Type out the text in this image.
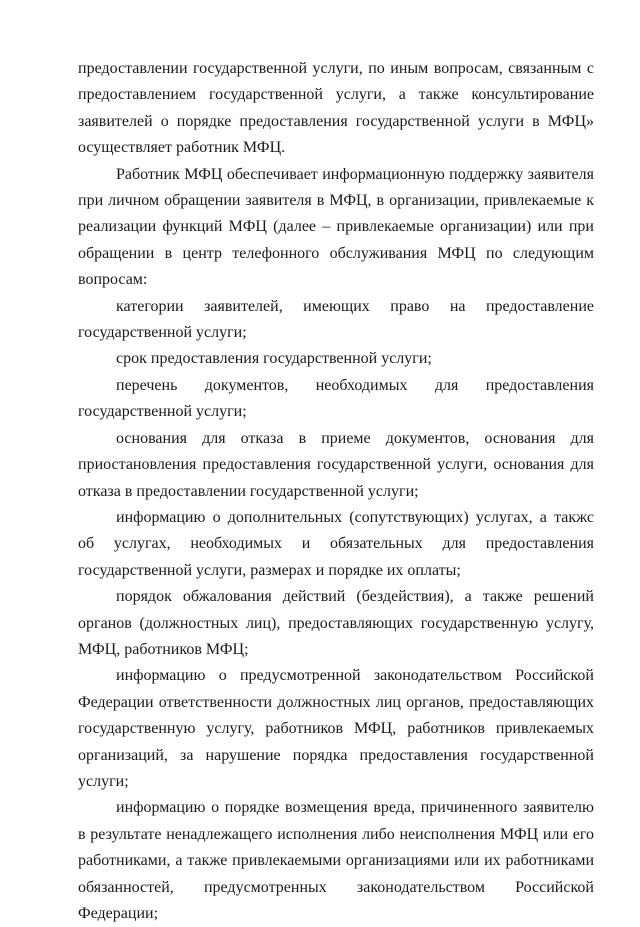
предоставлении государственной услуги, по иным вопросам, связанным с предоставлением государственной услуги, а также консультирование заявителей о порядке предоставления государственной услуги в МФЦ» осуществляет работник МФЦ.

Работник МФЦ обеспечивает информационную поддержку заявителя при личном обращении заявителя в МФЦ, в организации, привлекаемые к реализации функций МФЦ (далее – привлекаемые организации) или при обращении в центр телефонного обслуживания МФЦ по следующим вопросам:

категории заявителей, имеющих право на предоставление государственной услуги;

срок предоставления государственной услуги;

перечень документов, необходимых для предоставления государственной услуги;

основания для отказа в приеме документов, основания для приостановления предоставления государственной услуги, основания для отказа в предоставлении государственной услуги;

информацию о дополнительных (сопутствующих) услугах, а такжс об услугах, необходимых и обязательных для предоставления государственной услуги, размерах и порядке их оплаты;

порядок обжалования действий (бездействия), а также решений органов (должностных лиц), предоставляющих государственную услугу, МФЦ, работников МФЦ;

информацию о предусмотренной законодательством Российской Федерации ответственности должностных лиц органов, предоставляющих государственную услугу, работников МФЦ, работников привлекаемых организаций, за нарушение порядка предоставления государственной услуги;

информацию о порядке возмещения вреда, причиненного заявителю в результате ненадлежащего исполнения либо неисполнения МФЦ или его работниками, а также привлекаемыми организациями или их работниками обязанностей, предусмотренных законодательством Российской Федерации;
